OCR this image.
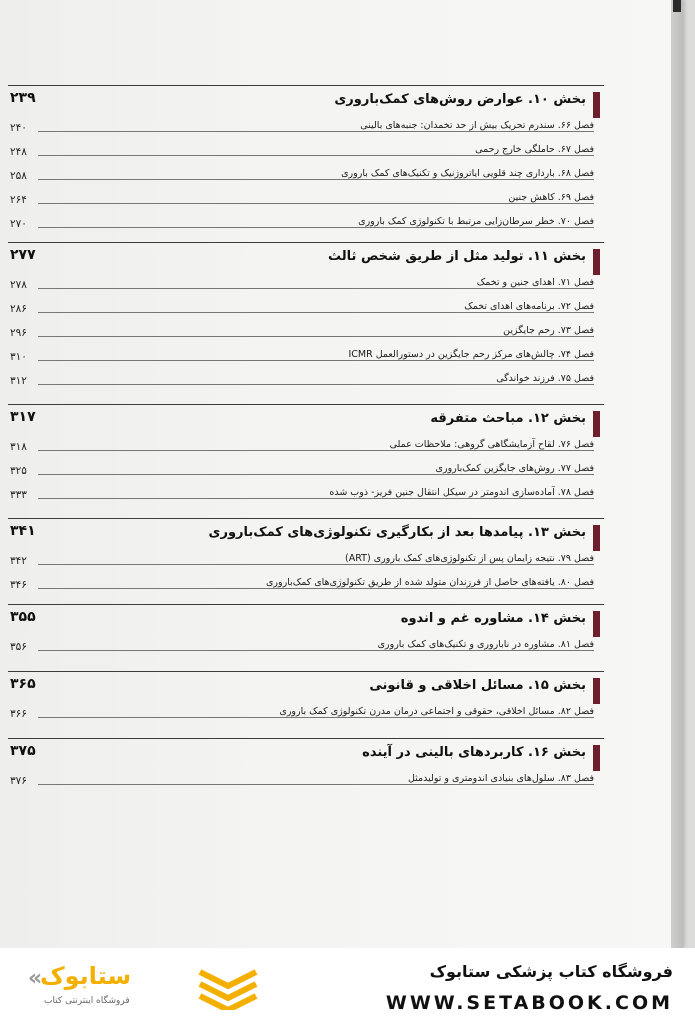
بخش ۱۰. عوارض روش‌های کمک‌باروری
۲۳۹
فصل ۶۶. سندرم تحریک بیش از حد تخمدان: جنبه‌های بالینی
۲۴۰
فصل ۶۷. حاملگی خارج رحمی
۲۴۸
فصل ۶۸. بارداری چند قلویی ایاتروژنیک و تکنیک‌های کمک باروری
۲۵۸
فصل ۶۹. کاهش جنین
۲۶۴
فصل ۷۰. خطر سرطان‌زایی مرتبط با تکنولوژی کمک باروری
۲۷۰
بخش ۱۱. تولید مثل از طریق شخص ثالث
۲۷۷
فصل ۷۱. اهدای جنین و تخمک
۲۷۸
فصل ۷۲. برنامه‌های اهدای تخمک
۲۸۶
فصل ۷۳. رحم جایگزین
۲۹۶
فصل ۷۴. چالش‌های مرکز رحم جایگزین در دستورالعمل ICMR
۳۱۰
فصل ۷۵. فرزند خواندگی
۳۱۲
بخش ۱۲. مباحث متفرقه
۳۱۷
فصل ۷۶. لقاح آزمایشگاهی گروهی: ملاحظات عملی
۳۱۸
فصل ۷۷. روش‌های جایگزین کمک‌باروری
۳۲۵
فصل ۷۸. آماده‌سازی اندومتر در سیکل انتقال جنین فریز- ذوب شده
۳۳۳
بخش ۱۳. پیامدها بعد از بکارگیری تکنولوژی‌های کمک‌باروری
۳۴۱
فصل ۷۹. نتیجه زایمان پس از تکنولوژی‌های کمک باروری (ART)
۳۴۲
فصل ۸۰. یافته‌های حاصل از فرزندان متولد شده از طریق تکنولوژی‌های کمک‌باروری
۳۴۶
بخش ۱۴. مشاوره غم و اندوه
۳۵۵
فصل ۸۱. مشاوره در ناباروری و تکنیک‌های کمک باروری
۳۵۶
بخش ۱۵. مسائل اخلاقی و قانونی
۳۶۵
فصل ۸۲. مسائل اخلاقی، حقوقی و اجتماعی درمان مدرن تکنولوژی کمک باروری
۳۶۶
بخش ۱۶. کاربردهای بالینی در آینده
۳۷۵
فصل ۸۳. سلول‌های بنیادی اندومتری و تولیدمثل
۳۷۶
«
ستابوک
فروشگاه اینترنتی کتاب
فروشگاه کتاب پزشکی ستابوک
WWW.SETABOOK.COM
